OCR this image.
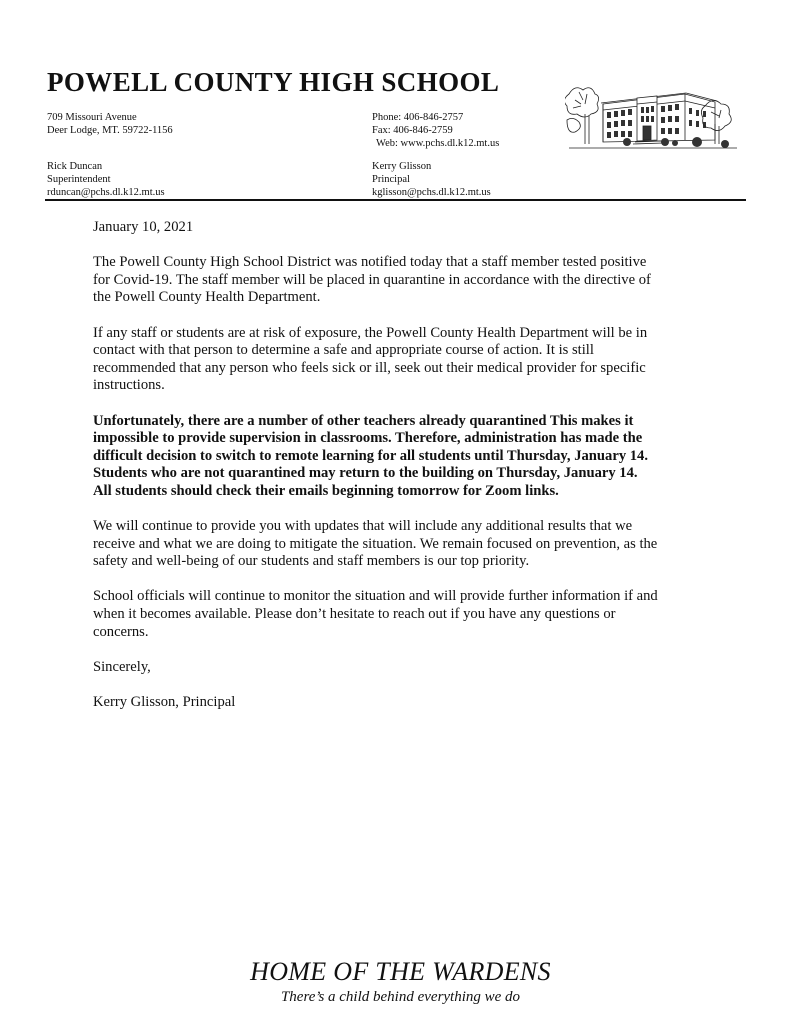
POWELL COUNTY HIGH SCHOOL
709 Missouri Avenue
Deer Lodge, MT. 59722-1156
Phone: 406-846-2757
Fax: 406-846-2759
Web: www.pchs.dl.k12.mt.us
Rick Duncan
Superintendent
rduncan@pchs.dl.k12.mt.us
Kerry Glisson
Principal
kglisson@pchs.dl.k12.mt.us

January 10, 2021

The Powell County High School District was notified today that a staff member tested positive
for Covid-19. The staff member will be placed in quarantine in accordance with the directive of
the Powell County Health Department.

If any staff or students are at risk of exposure, the Powell County Health Department will be in
contact with that person to determine a safe and appropriate course of action. It is still
recommended that any person who feels sick or ill, seek out their medical provider for specific
instructions.

Unfortunately, there are a number of other teachers already quarantined This makes it
impossible to provide supervision in classrooms. Therefore, administration has made the
difficult decision to switch to remote learning for all students until Thursday, January 14.
Students who are not quarantined may return to the building on Thursday, January 14.
All students should check their emails beginning tomorrow for Zoom links.

We will continue to provide you with updates that will include any additional results that we
receive and what we are doing to mitigate the situation. We remain focused on prevention, as the
safety and well-being of our students and staff members is our top priority.

School officials will continue to monitor the situation and will provide further information if and
when it becomes available. Please don’t hesitate to reach out if you have any questions or
concerns.

Sincerely,

Kerry Glisson, Principal

HOME OF THE WARDENS
There’s a child behind everything we do
